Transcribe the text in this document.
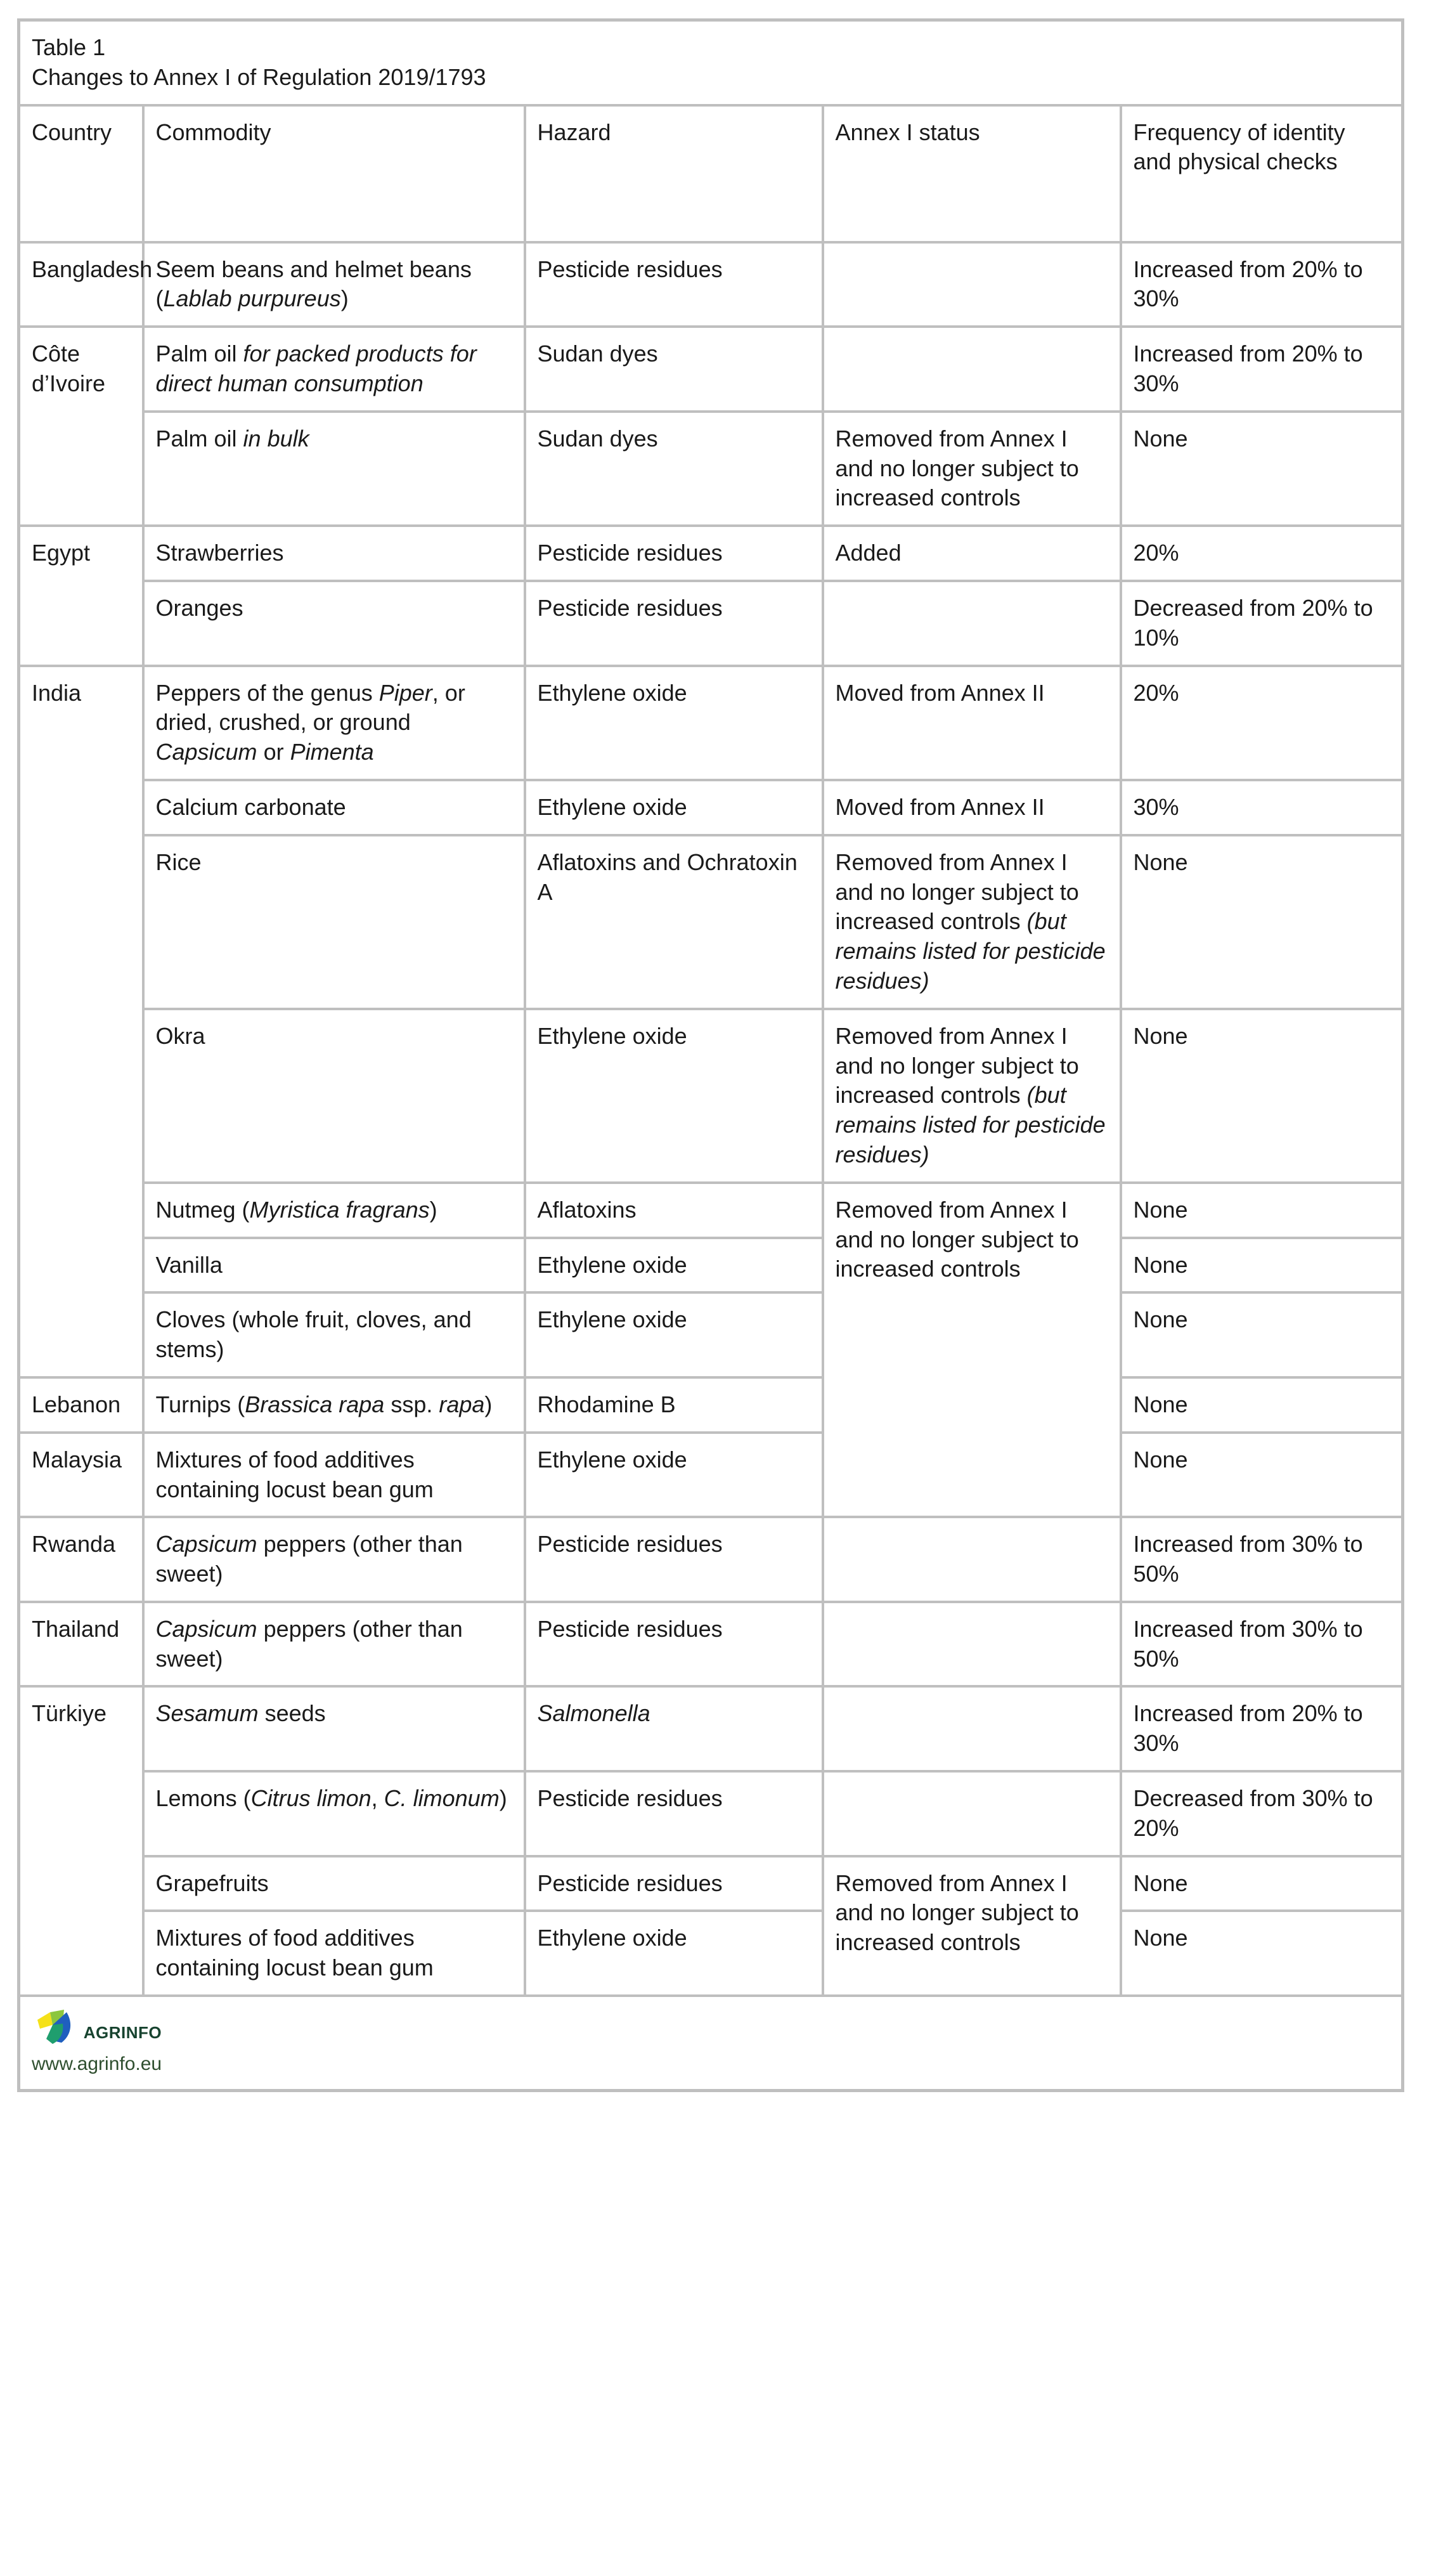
Table 1
Changes to Annex I of Regulation 2019/1793				

Country	Commodity	Hazard	Annex I status	Frequency of identity and physical checks
Bangladesh	Seem beans and helmet beans (Lablab purpureus)	Pesticide residues		Increased from 20% to 30%
Côte d’Ivoire	Palm oil for packed products for direct human consumption	Sudan dyes		Increased from 20% to 30%
	Palm oil in bulk	Sudan dyes	Removed from Annex I and no longer subject to increased controls	None
Egypt	Strawberries	Pesticide residues	Added	20%
	Oranges	Pesticide residues		Decreased from 20% to 10%
India	Peppers of the genus Piper, or dried, crushed, or ground Capsicum or Pimenta	Ethylene oxide	Moved from Annex II	20%
	Calcium carbonate	Ethylene oxide	Moved from Annex II	30%
	Rice	Aflatoxins and Ochratoxin A	Removed from Annex I and no longer subject to increased controls (but remains listed for pesticide residues)	None
	Okra	Ethylene oxide	Removed from Annex I and no longer subject to increased controls (but remains listed for pesticide residues)	None
	Nutmeg (Myristica fragrans)	Aflatoxins	Removed from Annex I and no longer subject to increased controls	None
	Vanilla	Ethylene oxide		None
	Cloves (whole fruit, cloves, and stems)	Ethylene oxide		None
Lebanon	Turnips (Brassica rapa ssp. rapa)	Rhodamine B		None
Malaysia	Mixtures of food additives containing locust bean gum	Ethylene oxide		None
Rwanda	Capsicum peppers (other than sweet)	Pesticide residues		Increased from 30% to 50%
Thailand	Capsicum peppers (other than sweet)	Pesticide residues		Increased from 30% to 50%
Türkiye	Sesamum seeds	Salmonella		Increased from 20% to 30%
	Lemons (Citrus limon, C. limonum)	Pesticide residues		Decreased from 30% to 20%
	Grapefruits	Pesticide residues	Removed from Annex I and no longer subject to increased controls	None
	Mixtures of food additives containing locust bean gum	Ethylene oxide		None

AGRINFO
www.agrinfo.eu				
